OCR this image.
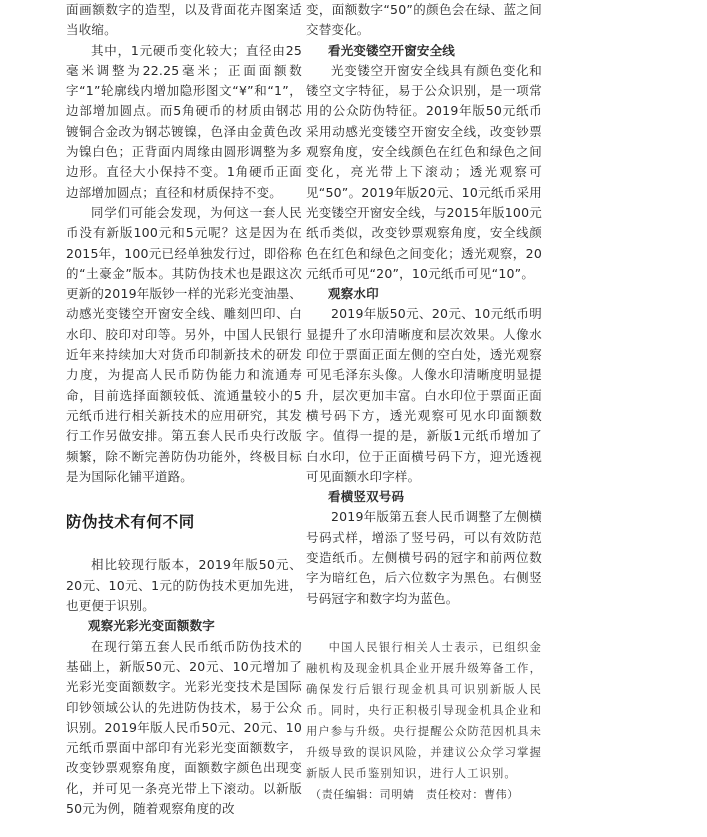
面画额数字的造型，以及背面花卉图案适当收缩。

其中，1元硬币变化较大；直径由25毫米调整为22.25毫米；正面面额数字“1”轮廓线内增加隐形图文“¥”和“1”，边部增加圆点。而5角硬币的材质由钢芯镀铜合金改为钢芯镀镍，色泽由金黄色改为镍白色；正背面内周缘由圆形调整为多边形。直径大小保持不变。1角硬币正面边部增加圆点；直径和材质保持不变。

同学们可能会发现，为何这一套人民币没有新版100元和5元呢？这是因为在2015年，100元已经单独发行过，即俗称的“土豪金”版本。其防伪技术也是跟这次更新的2019年版钞一样的光彩光变油墨、动感光变镂空开窗安全线、雕刻凹印、白水印、胶印对印等。另外，中国人民银行近年来持续加大对货币印制新技术的研发力度，为提高人民币防伪能力和流通寿命，目前选择面额较低、流通量较小的5元纸币进行相关新技术的应用研究，其发行工作另做安排。第五套人民币央行改版频繁，除不断完善防伪功能外，终极目标是为国际化铺平道路。

防伪技术有何不同

相比较现行版本，2019年版50元、20元、10元、1元的防伪技术更加先进，也更便于识别。

观察光彩光变面额数字

在现行第五套人民币纸币防伪技术的基础上，新版50元、20元、10元增加了光彩光变面额数字。光彩光变技术是国际印钞领域公认的先进防伪技术，易于公众识别。2019年版人民币50元、20元、10元纸币票面中部印有光彩光变面额数字，改变钞票观察角度，面额数字颜色出现变化，并可见一条亮光带上下滚动。以新版50元为例，随着观察角度的改

变，面额数字“50”的颜色会在绿、蓝之间交替变化。

看光变镂空开窗安全线

光变镂空开窗安全线具有颜色变化和镂空文字特征，易于公众识别，是一项常用的公众防伪特征。2019年版50元纸币采用动感光变镂空开窗安全线，改变钞票观察角度，安全线颜色在红色和绿色之间变化，亮光带上下滚动；透光观察可见“50”。2019年版20元、10元纸币采用光变镂空开窗安全线，与2015年版100元纸币类似，改变钞票观察角度，安全线颜色在红色和绿色之间变化；透光观察，20元纸币可见“20”，10元纸币可见“10”。

观察水印

2019年版50元、20元、10元纸币明显提升了水印清晰度和层次效果。人像水印位于票面正面左侧的空白处，透光观察可见毛泽东头像。人像水印清晰度明显提升，层次更加丰富。白水印位于票面正面横号码下方，透光观察可见水印面额数字。值得一提的是，新版1元纸币增加了白水印，位于正面横号码下方，迎光透视可见面额水印字样。

看横竖双号码

2019年版第五套人民币调整了左侧横号码式样，增添了竖号码，可以有效防范变造纸币。左侧横号码的冠字和前两位数字为暗红色，后六位数字为黑色。右侧竖号码冠字和数字均为蓝色。

中国人民银行相关人士表示，已组织金融机构及现金机具企业开展升级筹备工作，确保发行后银行现金机具可识别新版人民币。同时，央行正积极引导现金机具企业和用户参与升级。央行提醒公众防范因机具未升级导致的误识风险，并建议公众学习掌握新版人民币鉴别知识，进行人工识别。

（责任编辑：司明婧　责任校对：曹伟）
